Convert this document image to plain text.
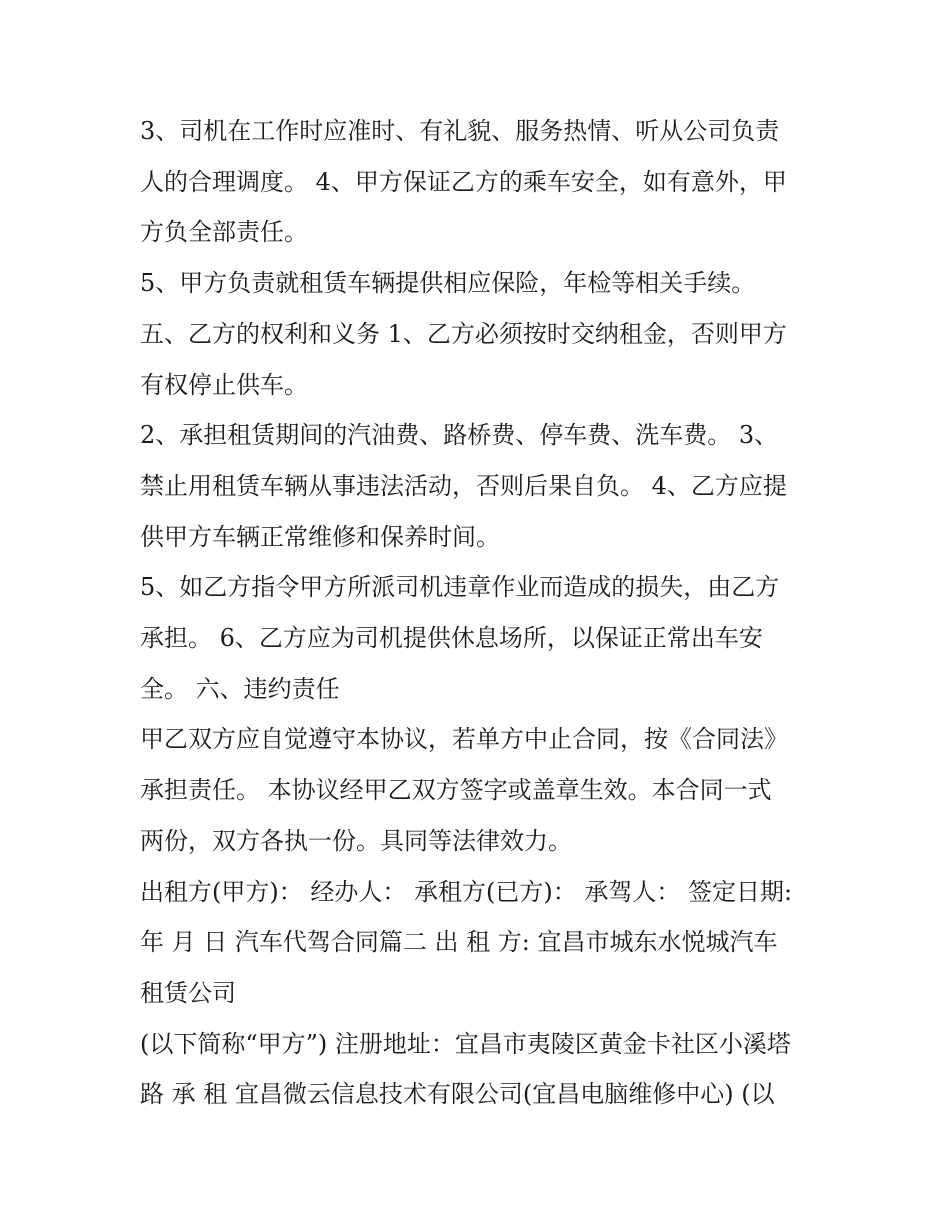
3、司机在工作时应准时、有礼貌、服务热情、听从公司负责

人的合理调度。 4、甲方保证乙方的乘车安全，如有意外，甲

方负全部责任。

5、甲方负责就租赁车辆提供相应保险，年检等相关手续。

五、乙方的权利和义务 1、乙方必须按时交纳租金，否则甲方

有权停止供车。

2、承担租赁期间的汽油费、路桥费、停车费、洗车费。 3、

禁止用租赁车辆从事违法活动，否则后果自负。 4、乙方应提

供甲方车辆正常维修和保养时间。

5、如乙方指令甲方所派司机违章作业而造成的损失，由乙方

承担。 6、乙方应为司机提供休息场所，以保证正常出车安

全。 六、违约责任

甲乙双方应自觉遵守本协议，若单方中止合同，按《合同法》

承担责任。 本协议经甲乙双方签字或盖章生效。本合同一式

两份，双方各执一份。具同等法律效力。

出租方(甲方)： 经办人： 承租方(已方)： 承驾人： 签定日期:

年 月 日 汽车代驾合同篇二 出 租 方: 宜昌市城东水悦城汽车

租赁公司

(以下简称“甲方”) 注册地址：宜昌市夷陵区黄金卡社区小溪塔

路 承 租 宜昌微云信息技术有限公司(宜昌电脑维修中心) (以
